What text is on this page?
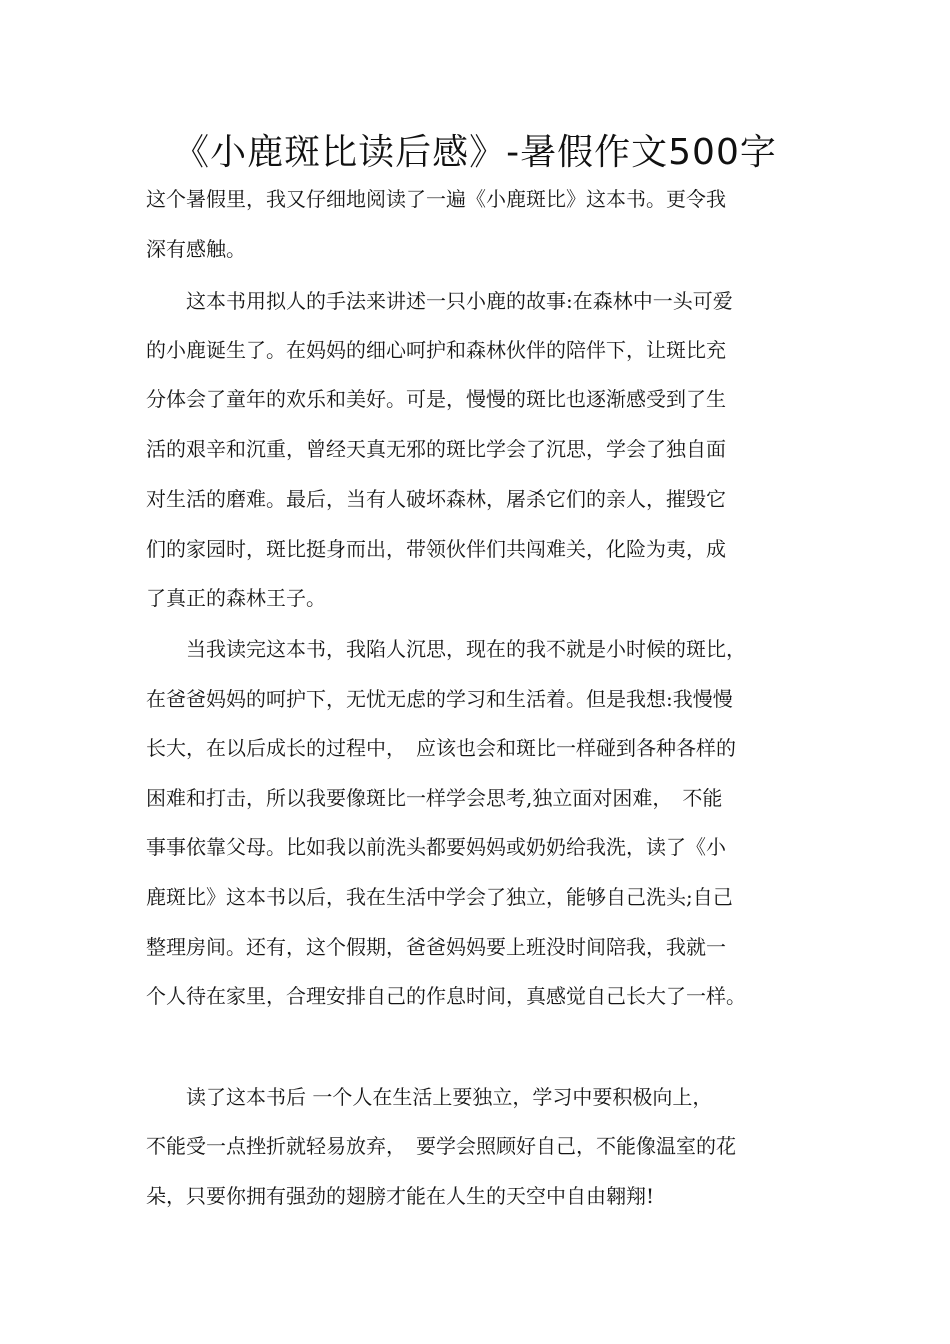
《小鹿斑比读后感》-暑假作文500字
这个暑假里，我又仔细地阅读了一遍《小鹿斑比》这本书。更令我
深有感触。
　　这本书用拟人的手法来讲述一只小鹿的故事:在森林中一头可爱
的小鹿诞生了。在妈妈的细心呵护和森林伙伴的陪伴下，让斑比充
分体会了童年的欢乐和美好。可是，慢慢的斑比也逐渐感受到了生
活的艰辛和沉重，曾经天真无邪的斑比学会了沉思，学会了独自面
对生活的磨难。最后，当有人破坏森林，屠杀它们的亲人，摧毁它
们的家园时，斑比挺身而出，带领伙伴们共闯难关，化险为夷，成
了真正的森林王子。
　　当我读完这本书，我陷人沉思，现在的我不就是小时候的斑比，
在爸爸妈妈的呵护下，无忧无虑的学习和生活着。但是我想:我慢慢
长大，在以后成长的过程中，　应该也会和斑比一样碰到各种各样的
困难和打击，所以我要像斑比一样学会思考,独立面对困难，　不能
事事依靠父母。比如我以前洗头都要妈妈或奶奶给我洗，读了《小
鹿斑比》这本书以后，我在生活中学会了独立，能够自己洗头;自己
整理房间。还有，这个假期，爸爸妈妈要上班没时间陪我，我就一
个人待在家里，合理安排自己的作息时间，真感觉自己长大了一样。
　　读了这本书后 一个人在生活上要独立，学习中要积极向上，
不能受一点挫折就轻易放弃，　要学会照顾好自己，不能像温室的花
朵，只要你拥有强劲的翅膀才能在人生的天空中自由翱翔!
